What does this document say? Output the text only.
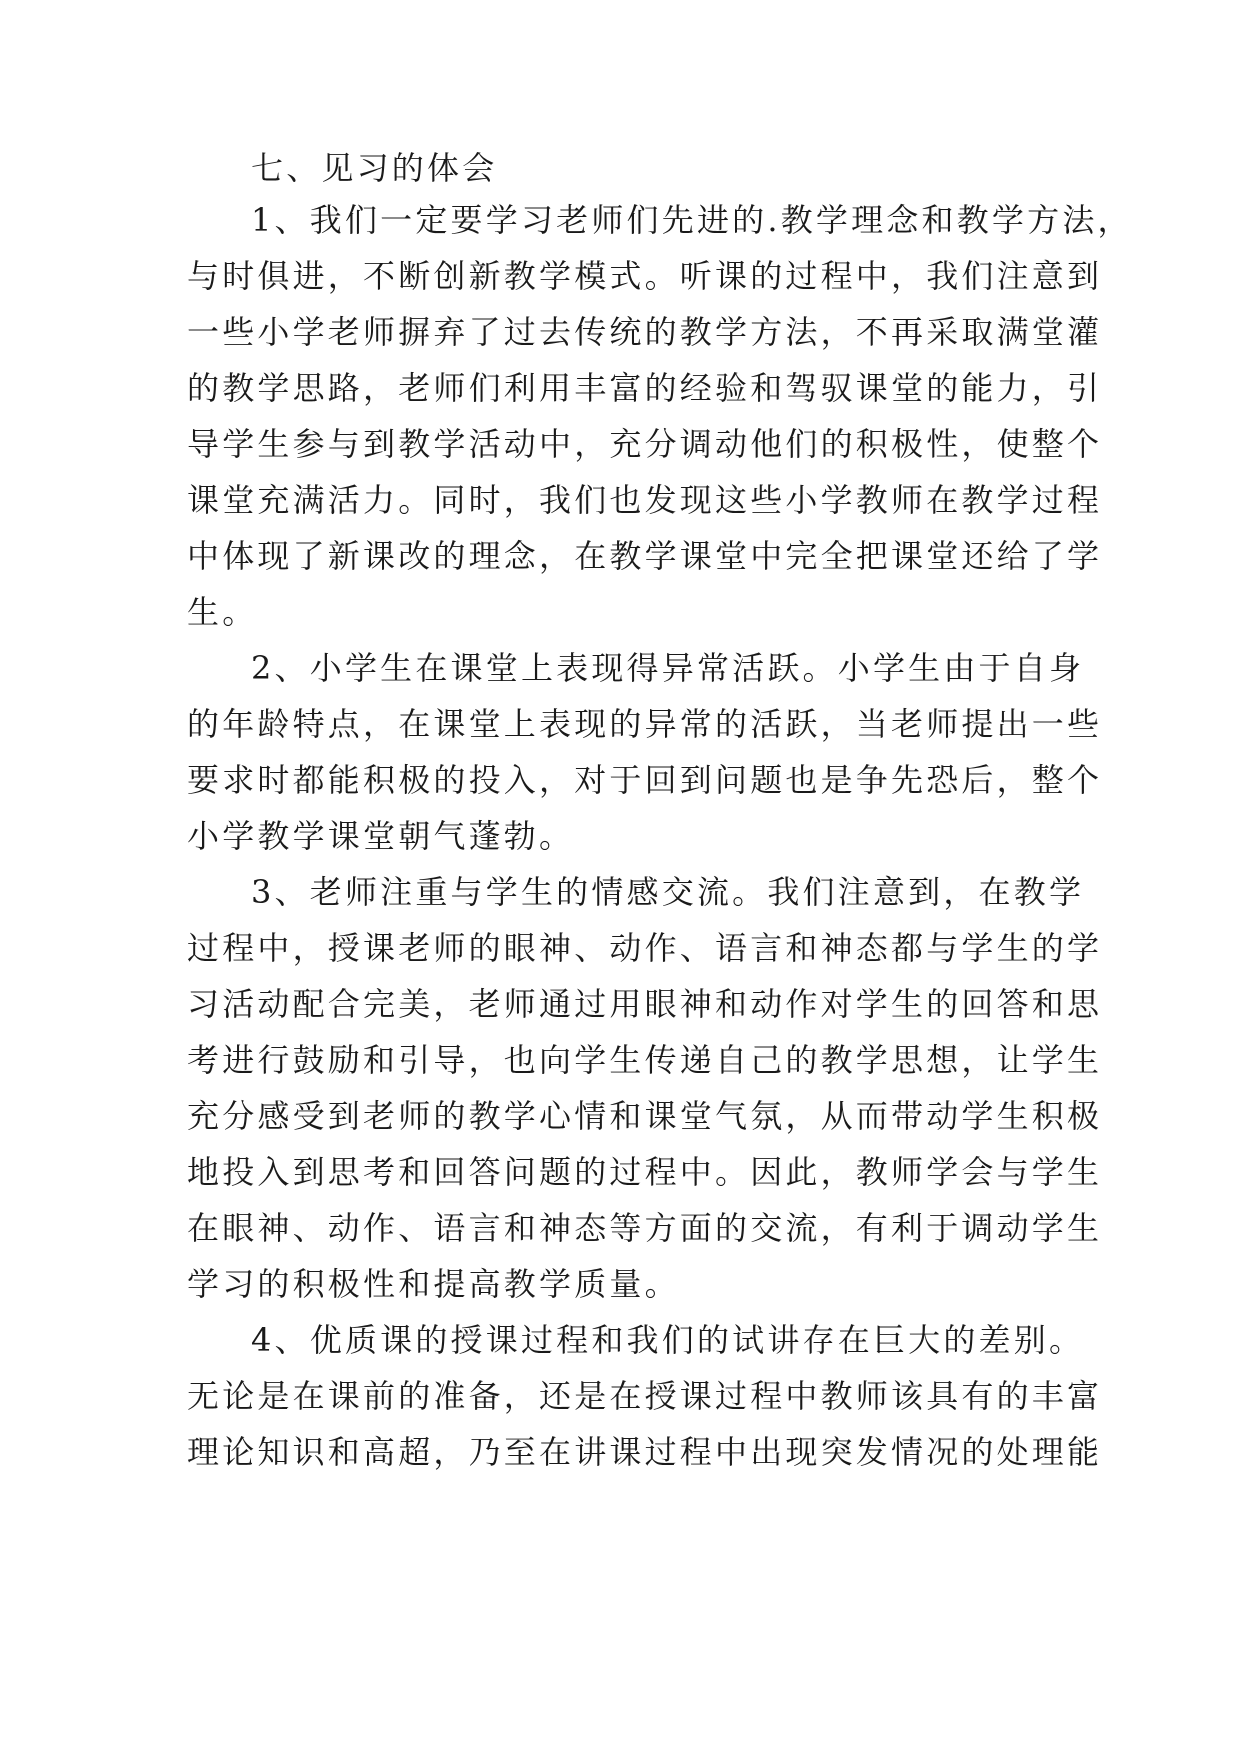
七、见习的体会
1、我们一定要学习老师们先进的.教学理念和教学方法，
与时俱进，不断创新教学模式。听课的过程中，我们注意到
一些小学老师摒弃了过去传统的教学方法，不再采取满堂灌
的教学思路，老师们利用丰富的经验和驾驭课堂的能力，引
导学生参与到教学活动中，充分调动他们的积极性，使整个
课堂充满活力。同时，我们也发现这些小学教师在教学过程
中体现了新课改的理念，在教学课堂中完全把课堂还给了学
生。
2、小学生在课堂上表现得异常活跃。小学生由于自身
的年龄特点，在课堂上表现的异常的活跃，当老师提出一些
要求时都能积极的投入，对于回到问题也是争先恐后，整个
小学教学课堂朝气蓬勃。
3、老师注重与学生的情感交流。我们注意到，在教学
过程中，授课老师的眼神、动作、语言和神态都与学生的学
习活动配合完美，老师通过用眼神和动作对学生的回答和思
考进行鼓励和引导，也向学生传递自己的教学思想，让学生
充分感受到老师的教学心情和课堂气氛，从而带动学生积极
地投入到思考和回答问题的过程中。因此，教师学会与学生
在眼神、动作、语言和神态等方面的交流，有利于调动学生
学习的积极性和提高教学质量。
4、优质课的授课过程和我们的试讲存在巨大的差别。
无论是在课前的准备，还是在授课过程中教师该具有的丰富
理论知识和高超，乃至在讲课过程中出现突发情况的处理能
